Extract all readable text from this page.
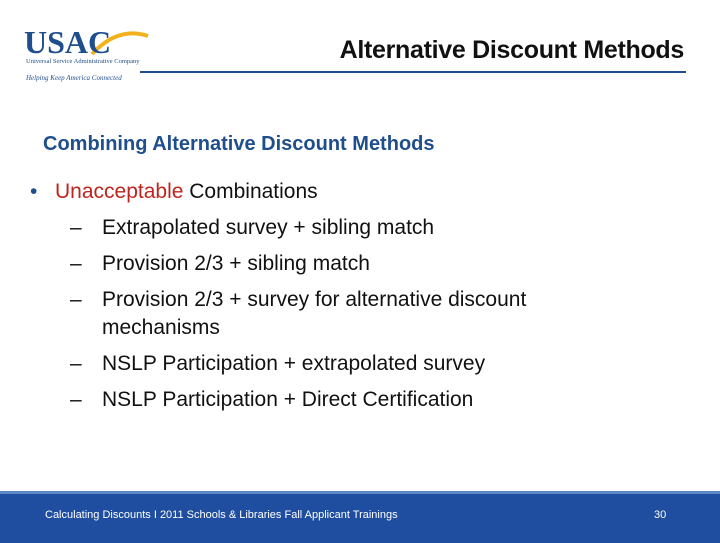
USAC
Universal Service Administrative Company
Helping Keep America Connected
Alternative Discount Methods
Combining Alternative Discount Methods
• Unacceptable Combinations
– Extrapolated survey + sibling match
– Provision 2/3 + sibling match
– Provision 2/3 + survey for alternative discount mechanisms
– NSLP Participation + extrapolated survey
– NSLP Participation + Direct Certification
Calculating Discounts I 2011 Schools & Libraries Fall Applicant Trainings	30
